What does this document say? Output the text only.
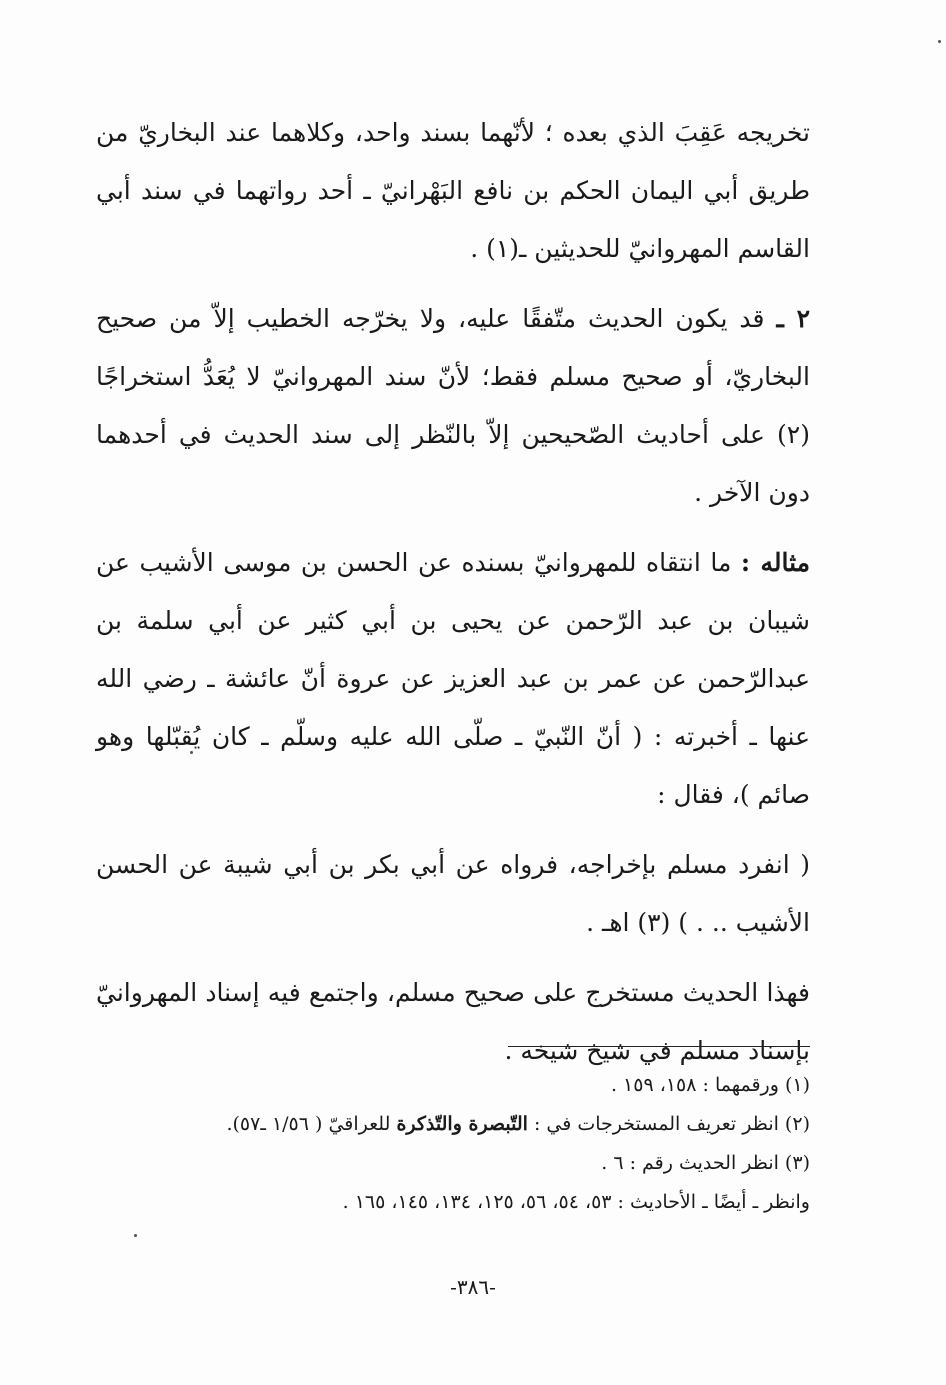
تخريجه عَقِبَ الذي بعده ؛ لأنّهما بسند واحد، وكلاهما عند البخاريّ من طريق أبي اليمان الحكم بن نافع البَهْرانيّ ـ أحد رواتهما في سند أبي القاسم المهروانيّ للحديثين ـ(١) .

٢ ـ قد يكون الحديث متّفقًا عليه، ولا يخرّجه الخطيب إلاّ من صحيح البخاريّ، أو صحيح مسلم فقط؛ لأنّ سند المهروانيّ لا يُعَدُّ استخراجًا (٢) على أحاديث الصّحيحين إلاّ بالنّظر إلى سند الحديث في أحدهما دون الآخر .

مثاله : ما انتقاه للمهروانيّ بسنده عن الحسن بن موسى الأشيب عن شيبان بن عبد الرّحمن عن يحيى بن أبي كثير عن أبي سلمة بن عبدالرّحمن عن عمر بن عبد العزيز عن عروة أنّ عائشة ـ رضي الله عنها ـ أخبرته : ( أنّ النّبيّ ـ صلّى الله عليه وسلّم ـ كان يُقبّلها وهو صائم )، فقال :

( انفرد مسلم بإخراجه، فرواه عن أبي بكر بن أبي شيبة عن الحسن الأشيب .. . ) (٣) اهـ .

فهذا الحديث مستخرج على صحيح مسلم، واجتمع فيه إسناد المهروانيّ بإسناد مسلم في شيخ شيخه .

(١) ورقمهما : ١٥٨، ١٥٩ .
(٢) انظر تعريف المستخرجات في : التّبصرة والتّذكرة للعراقيّ ( ١/٥٦ ـ٥٧).
(٣) انظر الحديث رقم : ٦ .
وانظر ـ أيضًا ـ الأحاديث : ٥٣، ٥٤، ٥٦، ١٢٥، ١٣٤، ١٤٥، ١٦٥ .
-٣٨٦-
